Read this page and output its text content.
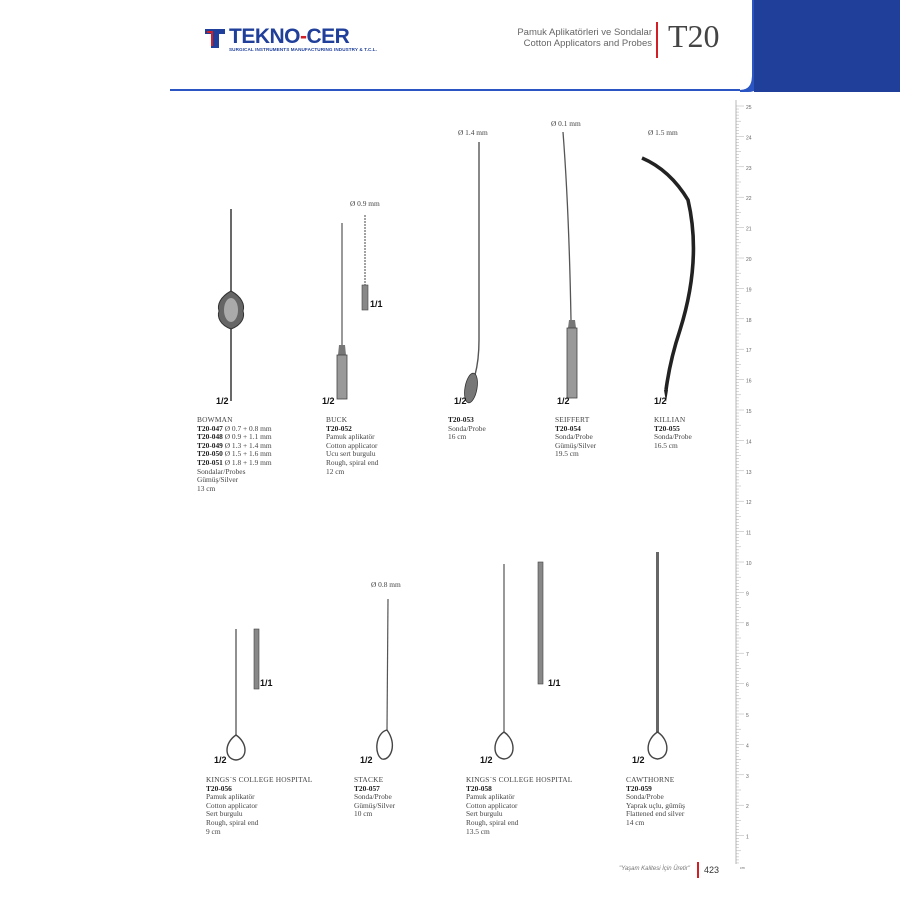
TEKNO-CER
SURGICAL INSTRUMENTS MANUFACTURING INDUSTRY & T.C.L.
Pamuk Aplikatörleri ve Sondalar
Cotton Applicators and Probes T20
25
24
23
22
21
20
19
18
17
16
15
14
13
12
11
10
9
8
7
6
5
4
3
2
1
cm
1/2
BOWMAN
T20-047 Ø 0.7 + 0.8 mm
T20-048 Ø 0.9 + 1.1 mm
T20-049 Ø 1.3 + 1.4 mm
T20-050 Ø 1.5 + 1.6 mm
T20-051 Ø 1.8 + 1.9 mm
Sondalar/Probes
Gümüş/Silver
13 cm
Ø 0.9 mm
1/1
1/2
BUCK
T20-052
Pamuk aplikatör
Cotton applicator
Ucu sert burgulu
Rough, spiral end
12 cm
Ø 1.4 mm
1/2
T20-053
Sonda/Probe
16 cm
Ø 0.1 mm
1/2
SEIFFERT
T20-054
Sonda/Probe
Gümüş/Silver
19.5 cm
Ø 1.5 mm
1/2
KILLIAN
T20-055
Sonda/Probe
16.5 cm
1/1
1/2
KINGS´S COLLEGE HOSPITAL
T20-056
Pamuk aplikatör
Cotton applicator
Sert burgulu
Rough, spiral end
9 cm
Ø 0.8 mm
1/2
STACKE
T20-057
Sonda/Probe
Gümüş/Silver
10 cm
1/1
1/2
KINGS´S COLLEGE HOSPITAL
T20-058
Pamuk aplikatör
Cotton applicator
Sert burgulu
Rough, spiral end
13.5 cm
1/2
CAWTHORNE
T20-059
Sonda/Probe
Yaprak uçlu, gümüş
Flattened end silver
14 cm
"Yaşam Kalitesi İçin Üretir" 423
